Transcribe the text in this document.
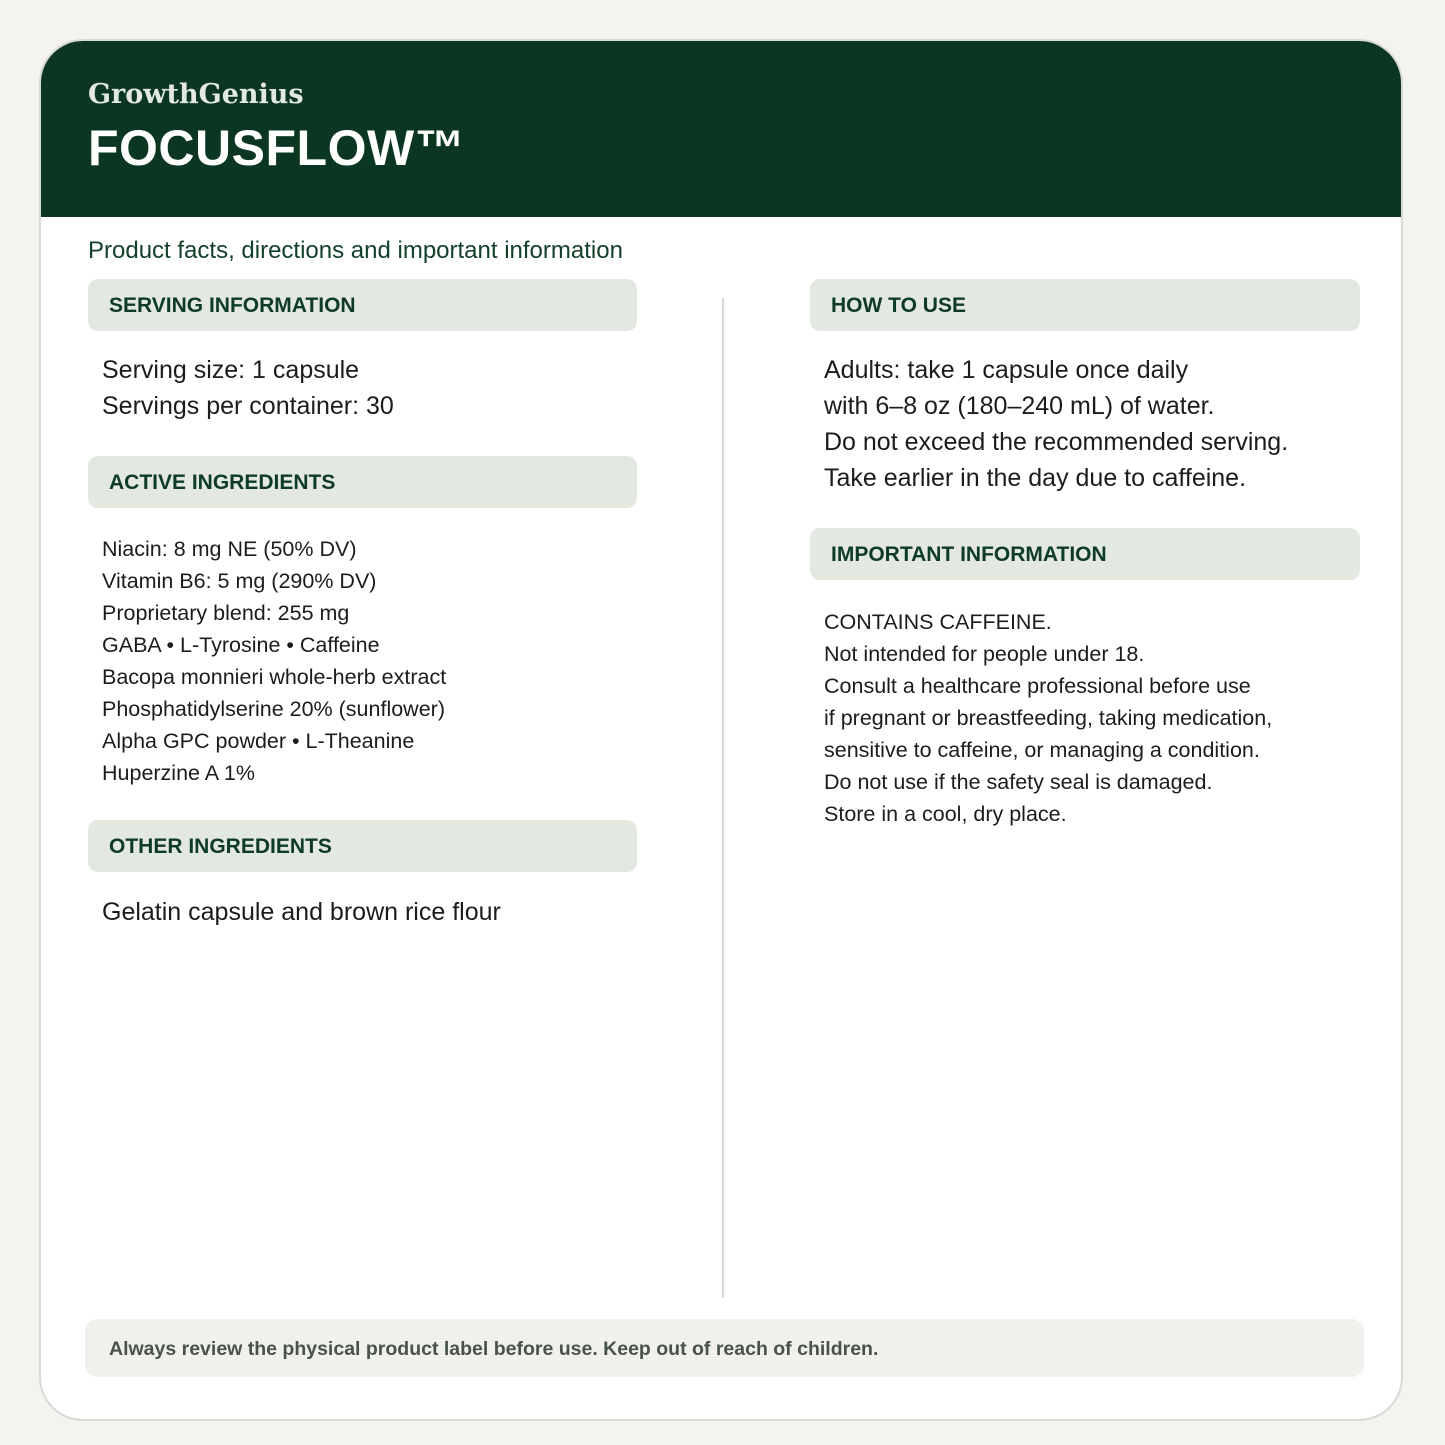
GrowthGenius
FOCUSFLOW™
Product facts, directions and important information
SERVING INFORMATION
Serving size: 1 capsule
Servings per container: 30
ACTIVE INGREDIENTS
Niacin: 8 mg NE (50% DV)
Vitamin B6: 5 mg (290% DV)
Proprietary blend: 255 mg
GABA • L-Tyrosine • Caffeine
Bacopa monnieri whole-herb extract
Phosphatidylserine 20% (sunflower)
Alpha GPC powder • L-Theanine
Huperzine A 1%
OTHER INGREDIENTS
Gelatin capsule and brown rice flour
HOW TO USE
Adults: take 1 capsule once daily
with 6–8 oz (180–240 mL) of water.
Do not exceed the recommended serving.
Take earlier in the day due to caffeine.
IMPORTANT INFORMATION
CONTAINS CAFFEINE.
Not intended for people under 18.
Consult a healthcare professional before use
if pregnant or breastfeeding, taking medication,
sensitive to caffeine, or managing a condition.
Do not use if the safety seal is damaged.
Store in a cool, dry place.
Always review the physical product label before use. Keep out of reach of children.
